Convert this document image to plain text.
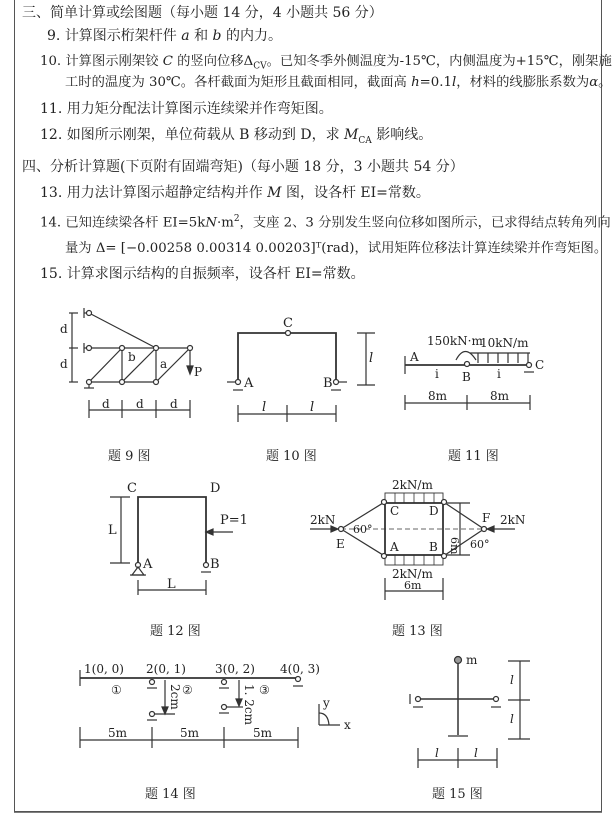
三、简单计算或绘图题（每小题 14 分，4 小题共 56 分）
9. 计算图示桁架杆件 a 和 b 的内力。
10. 计算图示刚架铰 C 的竖向位移$\Delta_{CV}$。已知冬季外侧温度为-15℃，内侧温度为+15℃，刚架施
工时的温度为 30℃。各杆截面为矩形且截面相同，截面高 h=0.1l，材料的线膨胀系数为α。
11. 用力矩分配法计算图示连续梁并作弯矩图。
12. 如图所示刚架，单位荷载从 B 移动到 D，求 $M_{CA}$ 影响线。
四、分析计算题(下页附有固端弯矩)（每小题 18 分，3 小题共 54 分）
13. 用力法计算图示超静定结构并作 M 图，设各杆 EI=常数。
14. 已知连续梁各杆 $EI=5kN\cdot m^2$，支座 2、3 分别发生竖向位移如图所示，已求得结点转角列向
量为 Δ= [−0.00258 0.00314 0.00203]ᵀ(rad)，试用矩阵位移法计算连续梁并作弯矩图。
15. 计算求图示结构的自振频率，设各杆 EI=常数。
d
d
d d d
b a
P
C
A	B
l
l	l
150kN·m
10kN/m
A
B
C
i	i
8m	8m
C	D
A	B
P=1
L
L
2kN/m
2kN/m
2kN	2kN
60°
60°
C D
A	B
E
F
6m
6m
1(0, 0) 2(0, 1) 3(0, 2) 4(0, 3)
①	②	③
2cm	1. 2cm
5m	5m	5m
y
x
m
l
l
l	l
题 9 图	题 10 图	题 11 图
题 12 图	题 13 图
题 14 图	题 15 图
